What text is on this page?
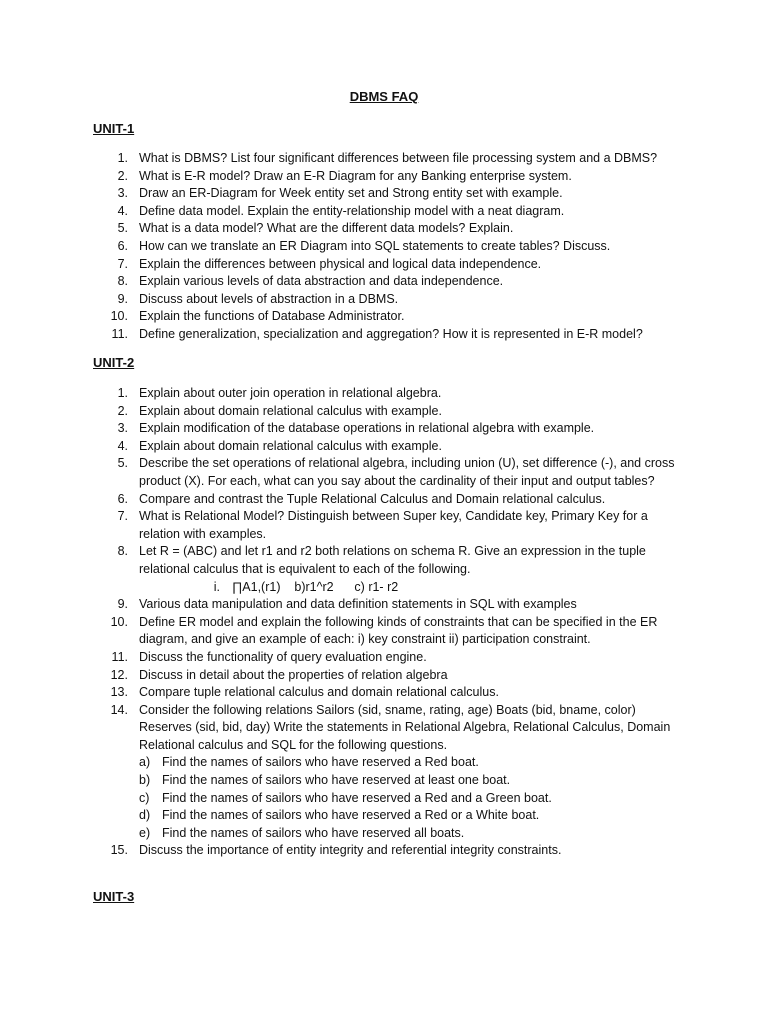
DBMS FAQ
UNIT-1
1. What is DBMS? List four significant differences between file processing system and a DBMS?
2. What is E-R model? Draw an E-R Diagram for any Banking enterprise system.
3. Draw an ER-Diagram for Week entity set and Strong entity set with example.
4. Define data model. Explain the entity-relationship model with a neat diagram.
5. What is a data model? What are the different data models? Explain.
6. How can we translate an ER Diagram into SQL statements to create tables? Discuss.
7. Explain the differences between physical and logical data independence.
8. Explain various levels of data abstraction and data independence.
9. Discuss about levels of abstraction in a DBMS.
10. Explain the functions of Database Administrator.
11. Define generalization, specialization and aggregation? How it is represented in E-R model?
UNIT-2
1. Explain about outer join operation in relational algebra.
2. Explain about domain relational calculus with example.
3. Explain modification of the database operations in relational algebra with example.
4. Explain about domain relational calculus with example.
5. Describe the set operations of relational algebra, including union (U), set difference (-), and cross product (X). For each, what can you say about the cardinality of their input and output tables?
6. Compare and contrast the Tuple Relational Calculus and Domain relational calculus.
7. What is Relational Model? Distinguish between Super key, Candidate key, Primary Key for a relation with examples.
8. Let R = (ABC) and let r1 and r2 both relations on schema R. Give an expression in the tuple relational calculus that is equivalent to each of the following.
i. ∏A1,(r1)    b)r1^r2      c) r1- r2
9. Various data manipulation and data definition statements in SQL with examples
10. Define ER model and explain the following kinds of constraints that can be specified in the ER diagram, and give an example of each: i) key constraint ii) participation constraint.
11. Discuss the functionality of query evaluation engine.
12. Discuss in detail about the properties of relation algebra
13. Compare tuple relational calculus and domain relational calculus.
14. Consider the following relations Sailors (sid, sname, rating, age) Boats (bid, bname, color) Reserves (sid, bid, day) Write the statements in Relational Algebra, Relational Calculus, Domain Relational calculus and SQL for the following questions.
a) Find the names of sailors who have reserved a Red boat.
b) Find the names of sailors who have reserved at least one boat.
c)	Find the names of sailors who have reserved a Red and a Green boat.
d) Find the names of sailors who have reserved a Red or a White boat.
e) Find the names of sailors who have reserved all boats.
15. Discuss the importance of entity integrity and referential integrity constraints.
UNIT-3
